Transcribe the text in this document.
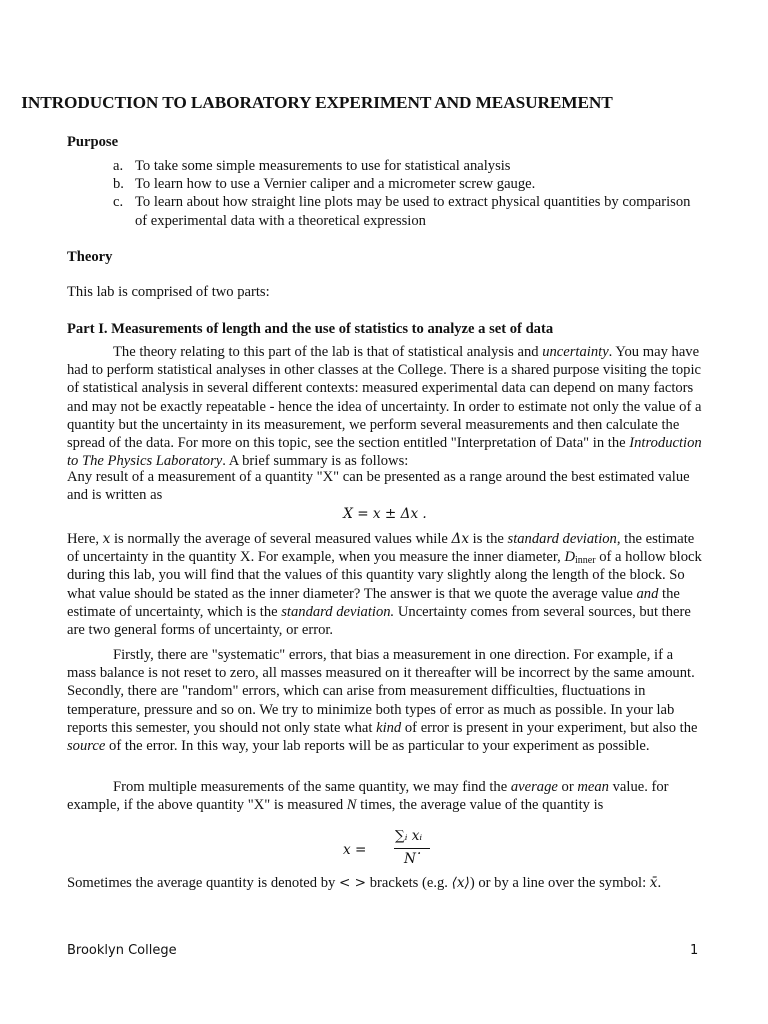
INTRODUCTION TO LABORATORY EXPERIMENT AND MEASUREMENT
Purpose
a. To take some simple measurements to use for statistical analysis
b. To learn how to use a Vernier caliper and a micrometer screw gauge.
c. To learn about how straight line plots may be used to extract physical quantities by comparison of experimental data with a theoretical expression
Theory
This lab is comprised of two parts:
Part I. Measurements of length and the use of statistics to analyze a set of data
The theory relating to this part of the lab is that of statistical analysis and uncertainty. You may have had to perform statistical analyses in other classes at the College. There is a shared purpose visiting the topic of statistical analysis in several different contexts: measured experimental data can depend on many factors and may not be exactly repeatable - hence the idea of uncertainty. In order to estimate not only the value of a quantity but the uncertainty in its measurement, we perform several measurements and then calculate the spread of the data. For more on this topic, see the section entitled "Interpretation of Data" in the Introduction to The Physics Laboratory. A brief summary is as follows:
Any result of a measurement of a quantity "X" can be presented as a range around the best estimated value and is written as
X = x ± Δx .
Here, x is normally the average of several measured values while Δx is the standard deviation, the estimate of uncertainty in the quantity X. For example, when you measure the inner diameter, $D_{inner}$ of a hollow block during this lab, you will find that the values of this quantity vary slightly along the length of the block. So what value should be stated as the inner diameter? The answer is that we quote the average value and the estimate of uncertainty, which is the standard deviation. Uncertainty comes from several sources, but there are two general forms of uncertainty, or error.
Firstly, there are "systematic" errors, that bias a measurement in one direction. For example, if a mass balance is not reset to zero, all masses measured on it thereafter will be incorrect by the same amount. Secondly, there are "random" errors, which can arise from measurement difficulties, fluctuations in temperature, pressure and so on. We try to minimize both types of error as much as possible. In your lab reports this semester, you should not only state what kind of error is present in your experiment, but also the source of the error. In this way, your lab reports will be as particular to your experiment as possible.
From multiple measurements of the same quantity, we may find the average or mean value. for example, if the above quantity "X" is measured N times, the average value of the quantity is
x =
∑ᵢ xᵢ
N
.
Sometimes the average quantity is denoted by < > brackets (e.g. ⟨x⟩) or by a line over the symbol: x̄.
Brooklyn College	1
